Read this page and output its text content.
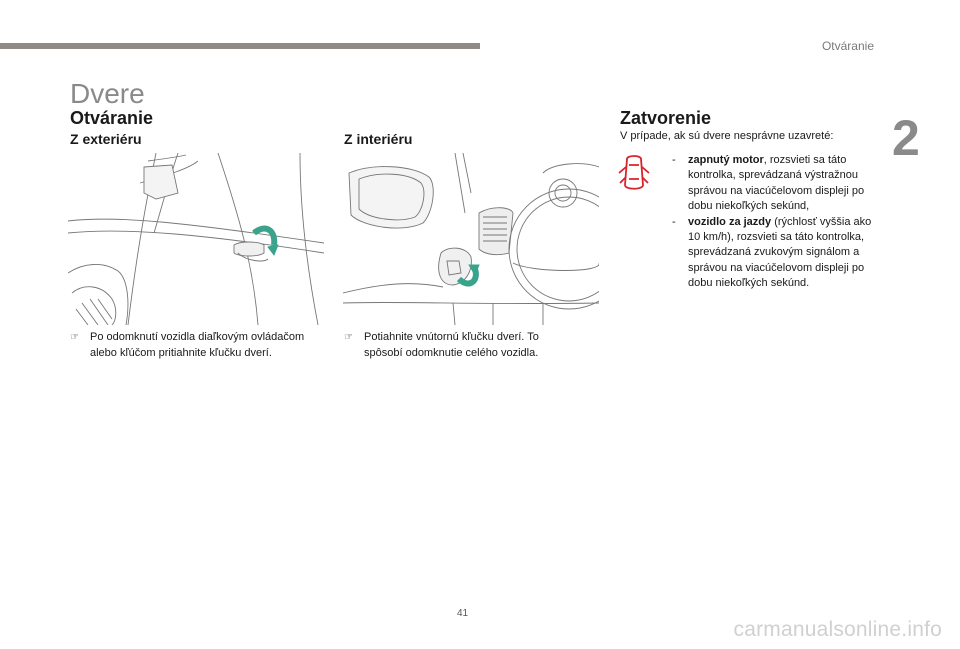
Otváranie
2
Dvere
Otváranie
Z exteriéru	Z interiéru
Zatvorenie
☞	Po odomknutí vozidla diaľkovým ovládačom alebo kľúčom pritiahnite kľučku dverí.
☞	Potiahnite vnútornú kľučku dverí. To spôsobí odomknutie celého vozidla.
V prípade, ak sú dvere nesprávne uzavreté:
- zapnutý motor, rozsvieti sa táto kontrolka, sprevádzaná výstražnou správou na viacúčelovom displeji po dobu niekoľkých sekúnd,
- vozidlo za jazdy (rýchlosť vyššia ako 10 km/h), rozsvieti sa táto kontrolka, sprevádzaná zvukovým signálom a správou na viacúčelovom displeji po dobu niekoľkých sekúnd.
41
carmanualsonline.info
